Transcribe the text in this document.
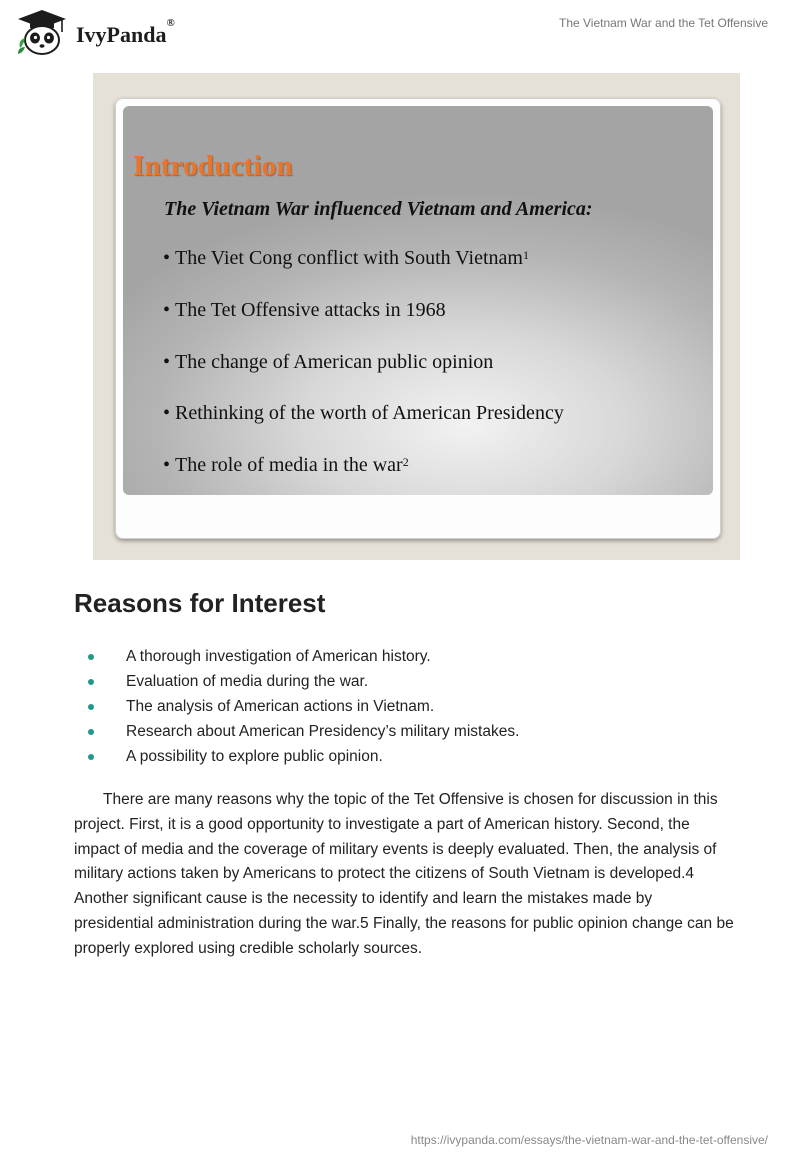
IvyPanda®	The Vietnam War and the Tet Offensive
Introduction
The Vietnam War influenced Vietnam and America:
• The Viet Cong conflict with South Vietnam$^1$
• The Tet Offensive attacks in 1968
• The change of American public opinion
• Rethinking of the worth of American Presidency
• The role of media in the war$^2$
Reasons for Interest
A thorough investigation of American history.
Evaluation of media during the war.
The analysis of American actions in Vietnam.
Research about American Presidency’s military mistakes.
A possibility to explore public opinion.

There are many reasons why the topic of the Tet Offensive is chosen for discussion in this project. First, it is a good opportunity to investigate a part of American history. Second, the impact of media and the coverage of military events is deeply evaluated. Then, the analysis of military actions taken by Americans to protect the citizens of South Vietnam is developed.4 Another significant cause is the necessity to identify and learn the mistakes made by presidential administration during the war.5 Finally, the reasons for public opinion change can be properly explored using credible scholarly sources.

https://ivypanda.com/essays/the-vietnam-war-and-the-tet-offensive/
